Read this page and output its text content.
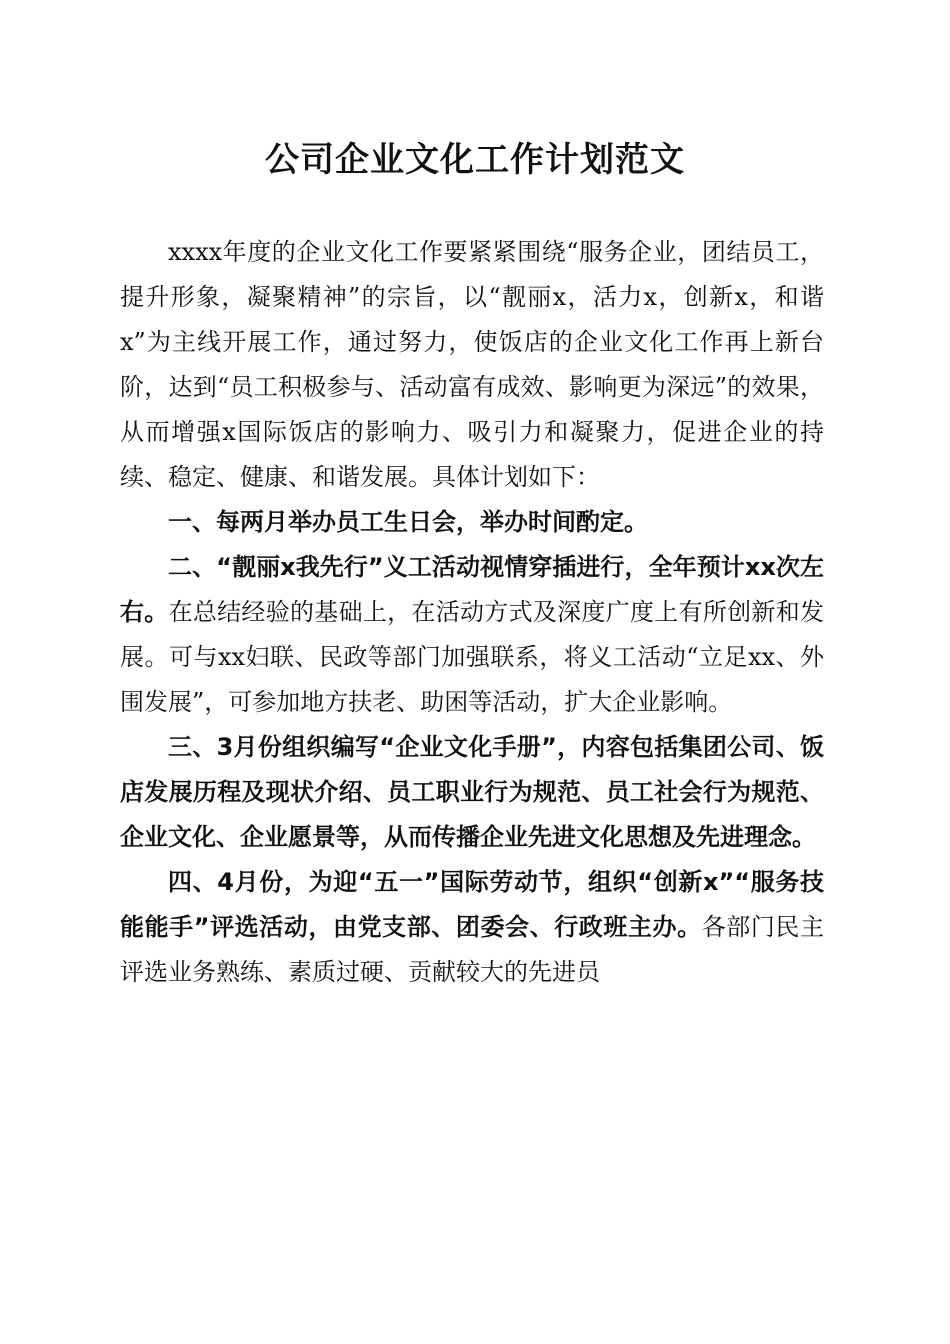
公司企业文化工作计划范文

xxxx年度的企业文化工作要紧紧围绕“服务企业，团结员工，提升形象，凝聚精神”的宗旨，以“靓丽x，活力x，创新x，和谐x”为主线开展工作，通过努力，使饭店的企业文化工作再上新台阶，达到“员工积极参与、活动富有成效、影响更为深远”的效果，从而增强x国际饭店的影响力、吸引力和凝聚力，促进企业的持续、稳定、健康、和谐发展。具体计划如下：

一、每两月举办员工生日会，举办时间酌定。

二、“靓丽x我先行”义工活动视情穿插进行，全年预计xx次左右。在总结经验的基础上，在活动方式及深度广度上有所创新和发展。可与xx妇联、民政等部门加强联系，将义工活动“立足xx、外围发展”，可参加地方扶老、助困等活动，扩大企业影响。

三、3月份组织编写“企业文化手册”，内容包括集团公司、饭店发展历程及现状介绍、员工职业行为规范、员工社会行为规范、企业文化、企业愿景等，从而传播企业先进文化思想及先进理念。

四、4月份，为迎“五一”国际劳动节，组织“创新x”“服务技能能手”评选活动，由党支部、团委会、行政班主办。各部门民主评选业务熟练、素质过硬、贡献较大的先进员
